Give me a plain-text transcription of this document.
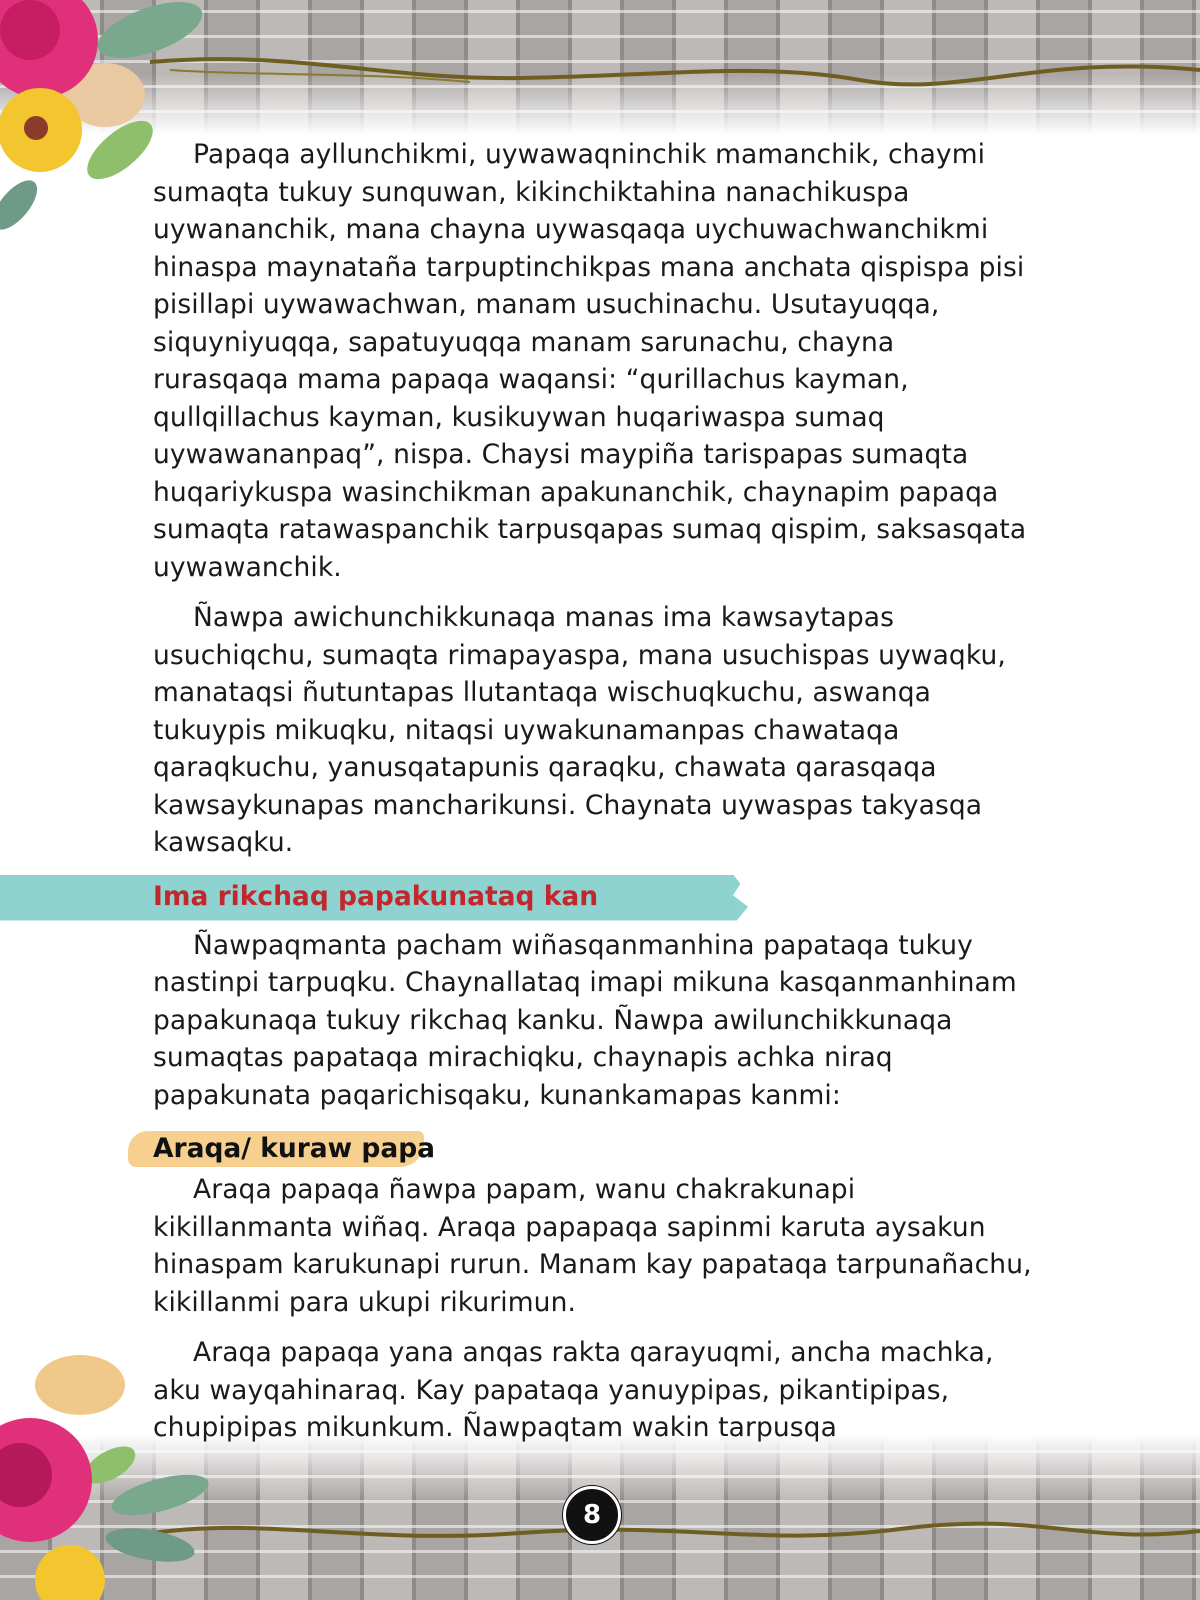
Papaqa ayllunchikmi, uywawaqninchik mamanchik, chaymi sumaqta tukuy sunquwan, kikinchiktahina nanachikuspa uywananchik, mana chayna uywasqaqa uychuwachwanchikmi hinaspa maynataña tarpuptinchikpas mana anchata qispispa pisi pisillapi uywawachwan, manam usuchinachu. Usutayuqqa, siquyniyuqqa, sapatuyuqqa manam sarunachu, chayna rurasqaqa mama papaqa waqansi: “qurillachus kayman, qullqillachus kayman, kusikuywan huqariwaspa sumaq uywawananpaq”, nispa. Chaysi maypiña tarispapas sumaqta huqariykuspa wasinchikman apakunanchik, chaynapim papaqa sumaqta ratawaspanchik tarpusqapas sumaq qispim, saksasqata uywawanchik.

Ñawpa awichunchikkunaqa manas ima kawsaytapas usuchiqchu, sumaqta rimapayaspa, mana usuchispas uywaqku, manataqsi ñutuntapas llutantaqa wischuqkuchu, aswanqa tukuypis mikuqku, nitaqsi uywakunamanpas chawataqa qaraqkuchu, yanusqatapunis qaraqku, chawata qarasqaqa kawsaykunapas mancharikunsi. Chaynata uywaspas takyasqa kawsaqku.

Ima rikchaq papakunataq kan

Ñawpaqmanta pacham wiñasqanmanhina papataqa tukuy nastinpi tarpuqku. Chaynallataq imapi mikuna kasqanmanhinam papakunaqa tukuy rikchaq kanku. Ñawpa awilunchikkunaqa sumaqtas papataqa mirachiqku, chaynapis achka niraq papakunata paqarichisqaku, kunankamapas kanmi:

Araqa/ kuraw papa

Araqa papaqa ñawpa papam, wanu chakrakunapi kikillanmanta wiñaq. Araqa papapaqa sapinmi karuta aysakun hinaspam karukunapi rurun. Manam kay papataqa tarpunañachu, kikillanmi para ukupi rikurimun.

Araqa papaqa yana anqas rakta qarayuqmi, ancha machka, aku wayqahinaraq. Kay papataqa yanuypipas, pikantipipas, chupipipas mikunkum. Ñawpaqtam wakin tarpusqa

8
